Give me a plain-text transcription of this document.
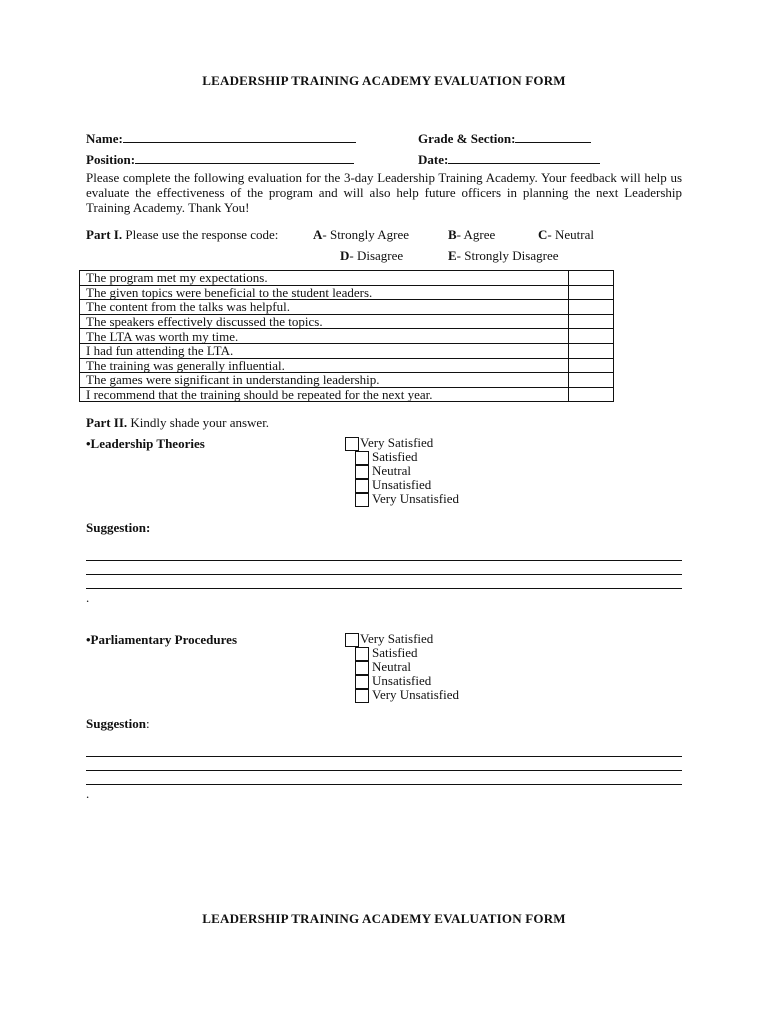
LEADERSHIP TRAINING ACADEMY EVALUATION FORM
Name:	Grade & Section:
Position:	Date:
Please complete the following evaluation for the 3-day Leadership Training Academy. Your feedback will help us evaluate the effectiveness of the program and will also help future officers in planning the next Leadership Training Academy. Thank You!
Part I. Please use the response code:	A- Strongly Agree	B- Agree	C- Neutral
D- Disagree	E- Strongly Disagree
The program met my expectations.	
The given topics were beneficial to the student leaders.	
The content from the talks was helpful.	
The speakers effectively discussed the topics.	
The LTA was worth my time.	
I had fun attending the LTA.	
The training was generally influential.	
The games were significant in understanding leadership.	
I recommend that the training should be repeated for the next year.	
Part II. Kindly shade your answer.
•Leadership Theories	Very Satisfied
Satisfied
Neutral
Unsatisfied
Very Unsatisfied
Suggestion:
.
•Parliamentary Procedures	Very Satisfied
Satisfied
Neutral
Unsatisfied
Very Unsatisfied
Suggestion:
.
LEADERSHIP TRAINING ACADEMY EVALUATION FORM
